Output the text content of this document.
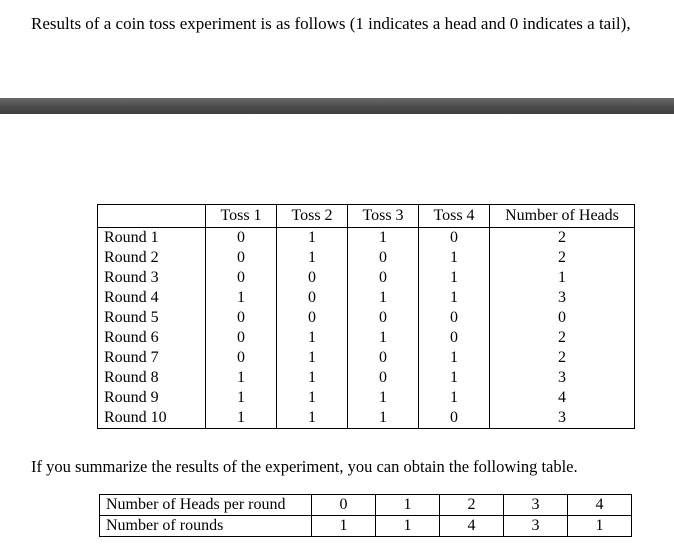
Results of a coin toss experiment is as follows (1 indicates a head and 0 indicates a tail),
	Toss 1	Toss 2	Toss 3	Toss 4	Number of Heads
Round 1	0	1	1	0	2
Round 2	0	1	0	1	2
Round 3	0	0	0	1	1
Round 4	1	0	1	1	3
Round 5	0	0	0	0	0
Round 6	0	1	1	0	2
Round 7	0	1	0	1	2
Round 8	1	1	0	1	3
Round 9	1	1	1	1	4
Round 10	1	1	1	0	3
If you summarize the results of the experiment, you can obtain the following table.
Number of Heads per round	0	1	2	3	4
Number of rounds	1	1	4	3	1
